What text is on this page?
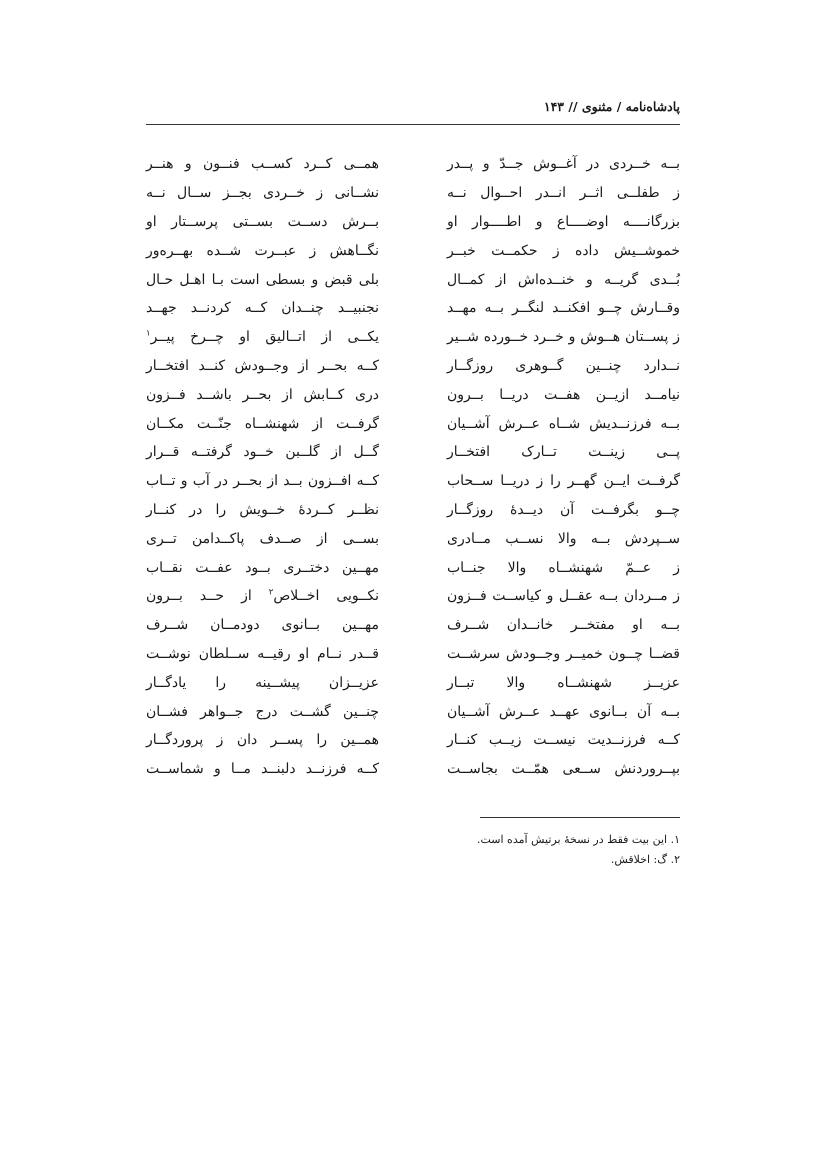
پادشاه‌نامه / مثنوی // ۱۴۳
بــه خــردی در آغــوش جــدّ و پــدر
همــی کــرد کســب فنــون و هنــر
ز طفلــی اثــر انــدر احــوال نــه
نشــانی ز خــردی بجــز ســال نــه
بزرگانــــه اوضــــاع و اطــــوار او
بــرش دســت بســتی پرســتار او
خموشــیش داده ز حکمــت خبــر
نگــاهش ز عبــرت شــده بهــره‌ور
بُــدی گریــه و خنــده‌اش از کمــال
بلی قبض و بسطی است بـا اهـل حـال
وقــارش چــو افکنــد لنگــر بــه مهــد
نجنبیــد چنــدان کــه کردنــد جهــد
ز پســتان هــوش و خــرد خــورده شــیر
یکــی از اتــالیق او چــرخ پیــر$^۱$
نــدارد چنــین گــوهری روزگــار
کــه بحــر از وجــودش کنــد افتخــار
نیامــد ازیــن هفــت دریــا بــرون
دری کــابش از بحــر باشــد فــزون
بــه فرزنــدیش شــاه عــرش آشــیان
گرفــت از شهنشــاه جنّــت مکــان
پــی زینــت تــارک افتخــار
گــل از گلــبن خــود گرفتــه قــرار
گرفــت ایــن گهــر را ز دریــا ســحاب
کــه افــزون بــد از بحــر در آب و تــاب
چــو بگرفــت آن دیــدهٔ روزگــار
نظــر کــردهٔ خــویش را در کنــار
ســپردش بــه والا نســب مــادری
بســی از صــدف پاکــدامن تــری
ز عــمّ شهنشــاه والا جنــاب
مهــین دختــری بــود عفــت نقــاب
ز مــردان بــه عقــل و کیاســت فــزون
نکــویی اخــلاص$^۲$ از حــد بــرون
بــه او مفتخــر خانــدان شــرف
مهــین بــانوی دودمــان شــرف
قضــا چــون خمیــر وجــودش سرشــت
قــدر نــام او رقیــه ســلطان نوشــت
عزیــز شهنشــاه والا تبــار
عزیــزان پیشــینه را یادگــار
بــه آن بــانوی عهــد عــرش آشــیان
چنــین گشــت درج جــواهر فشــان
کــه فرزنــدیت نیســت زیــب کنــار
همــین را پســر دان ز پروردگــار
بپــروردنش ســعی همّــت بجاســت
کــه فرزنــد دلبنــد مــا و شماســت
۱. این بیت فقط در نسخهٔ برتیش آمده است.
۲. گ: اخلاقش.
